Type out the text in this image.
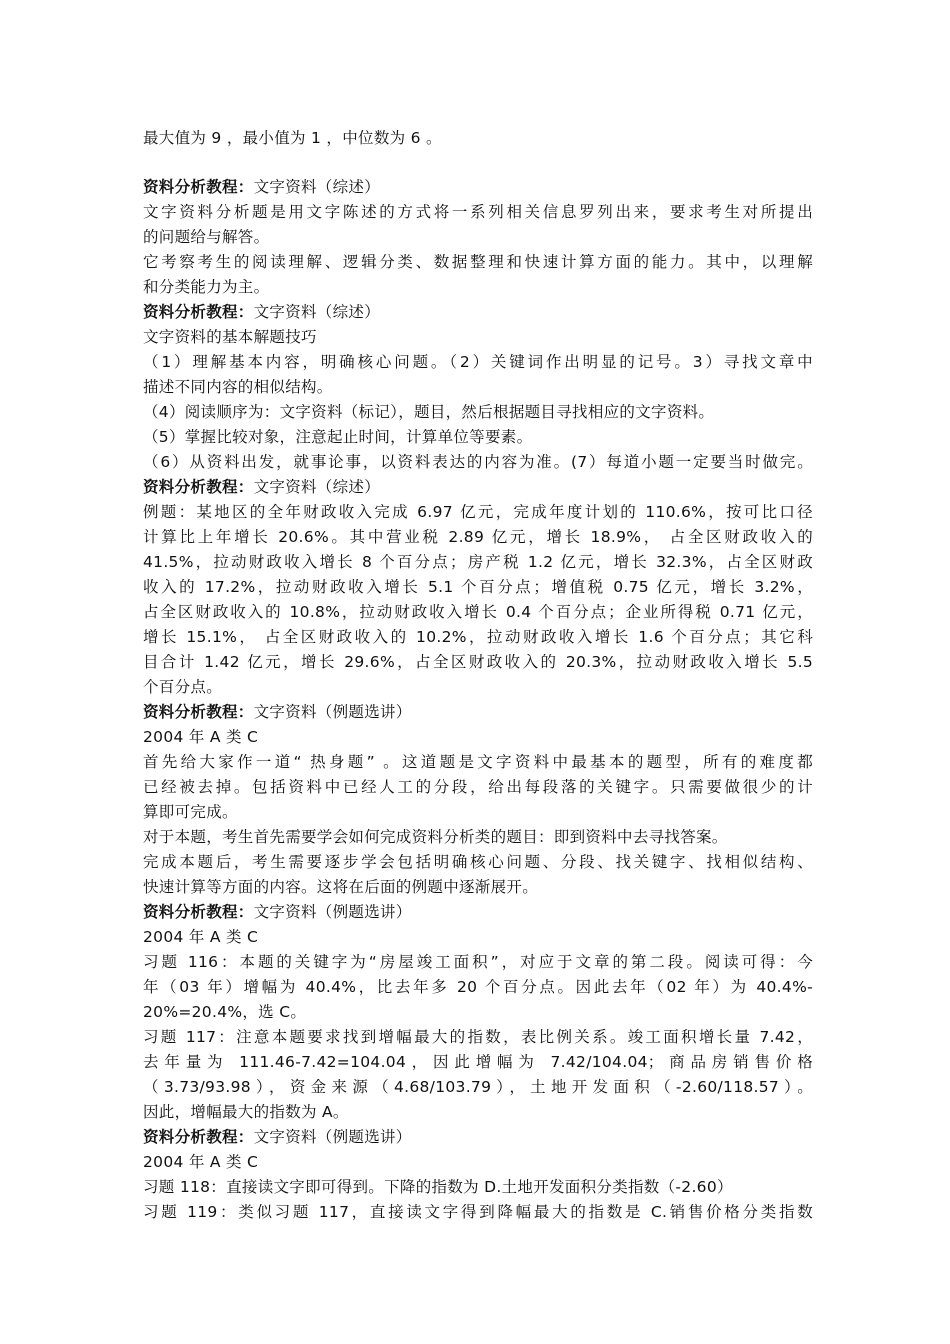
最大值为 9 ，最小值为 1 ，中位数为 6 。
资料分析教程：文字资料（综述）
文字资料分析题是用文字陈述的方式将一系列相关信息罗列出来，要求考生对所提出
的问题给与解答。
它考察考生的阅读理解、逻辑分类、数据整理和快速计算方面的能力。其中，以理解
和分类能力为主。
资料分析教程：文字资料（综述）
文字资料的基本解题技巧
（1）理解基本内容，明确核心问题。（2）关键词作出明显的记号。3）寻找文章中
描述不同内容的相似结构。
（4）阅读顺序为：文字资料（标记），题目，然后根据题目寻找相应的文字资料。
（5）掌握比较对象，注意起止时间，计算单位等要素。
（6）从资料出发，就事论事，以资料表达的内容为准。(7）每道小题一定要当时做完。
资料分析教程：文字资料（综述）
例题：某地区的全年财政收入完成 6.97 亿元，完成年度计划的 110.6%，按可比口径
计算比上年增长 20.6%。其中营业税 2.89 亿元，增长 18.9%， 占全区财政收入的
41.5%，拉动财政收入增长 8 个百分点；房产税 1.2 亿元，增长 32.3%，占全区财政
收入的 17.2%，拉动财政收入增长 5.1 个百分点；增值税 0.75 亿元，增长 3.2%，
占全区财政收入的 10.8%，拉动财政收入增长 0.4 个百分点；企业所得税 0.71 亿元，
增长 15.1%， 占全区财政收入的 10.2%，拉动财政收入增长 1.6 个百分点；其它科
目合计 1.42 亿元，增长 29.6%，占全区财政收入的 20.3%，拉动财政收入增长 5.5
个百分点。
资料分析教程：文字资料（例题选讲）
2004 年 A 类 C
首先给大家作一道“ 热身题” 。这道题是文字资料中最基本的题型，所有的难度都
已经被去掉。包括资料中已经人工的分段，给出每段落的关键字。只需要做很少的计
算即可完成。
对于本题，考生首先需要学会如何完成资料分析类的题目：即到资料中去寻找答案。
完成本题后，考生需要逐步学会包括明确核心问题、分段、找关键字、找相似结构、
快速计算等方面的内容。这将在后面的例题中逐渐展开。
资料分析教程：文字资料（例题选讲）
2004 年 A 类 C
习题 116：本题的关键字为“房屋竣工面积”，对应于文章的第二段。阅读可得：今
年（03 年）增幅为 40.4%，比去年多 20 个百分点。因此去年（02 年）为 40.4%-
20%=20.4%，选 C。
习题 117：注意本题要求找到增幅最大的指数，表比例关系。竣工面积增长量 7.42，
去年量为 111.46-7.42=104.04，因此增幅为 7.42/104.04；商品房销售价格
（3.73/93.98），资金来源（4.68/103.79），土地开发面积（-2.60/118.57）。
因此，增幅最大的指数为 A。
资料分析教程：文字资料（例题选讲）
2004 年 A 类 C
习题 118：直接读文字即可得到。下降的指数为 D.土地开发面积分类指数（-2.60）
习题 119：类似习题 117，直接读文字得到降幅最大的指数是 C.销售价格分类指数
